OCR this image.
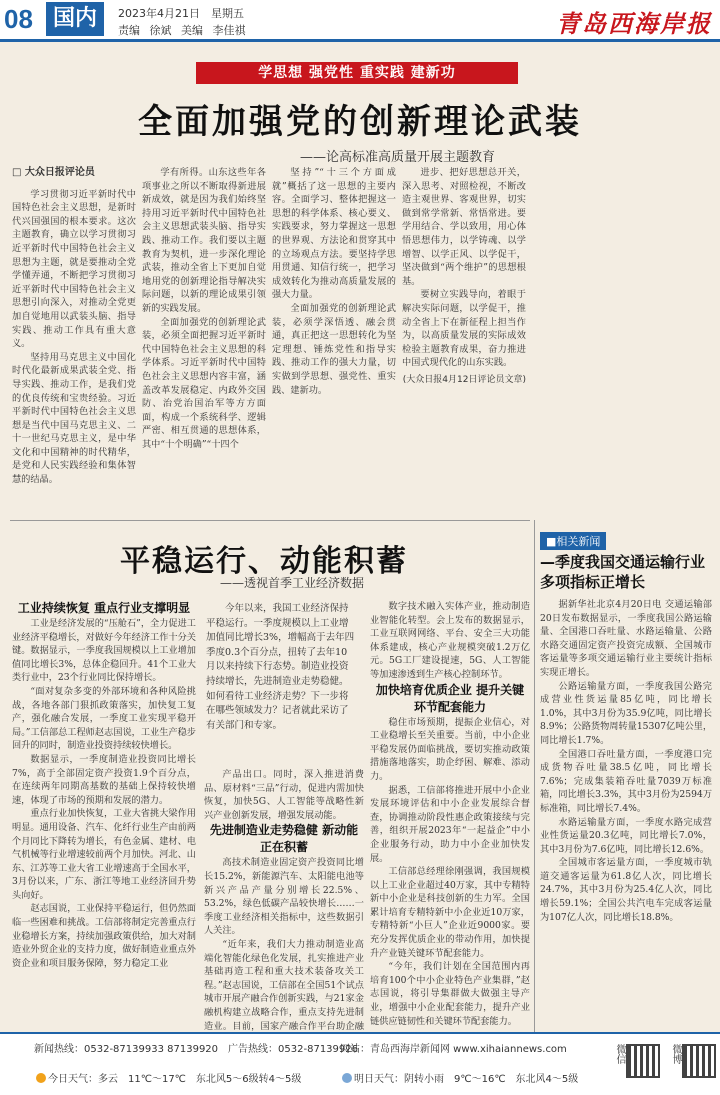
08 国内	2023年4月21日　星期五
责编 徐斌 美编 李佳祺	青岛西海岸报
学思想 强党性 重实践 建新功
全面加强党的创新理论武装
——论高标准高质量开展主题教育

□ 大众日报评论员

学习贯彻习近平新时代中国特色社会主义思想，是新时代兴国强国的根本要求。这次主题教育，确立以学习贯彻习近平新时代中国特色社会主义思想为主题，就是要推动全党学懂弄通，不断把学习贯彻习近平新时代中国特色社会主义思想引向深入，对推动全党更加自觉地用以武装头脑、指导实践、推动工作具有重大意义。

坚持用马克思主义中国化时代化最新成果武装全党、指导实践、推动工作，是我们党的优良传统和宝贵经验。习近平新时代中国特色社会主义思想是当代中国马克思主义、二十一世纪马克思主义，是中华文化和中国精神的时代精华，是党和人民实践经验和集体智慧的结晶。

学有所得。山东这些年各项事业之所以不断取得新进展新成效，就是因为我们始终坚持用习近平新时代中国特色社会主义思想武装头脑、指导实践、推动工作。我们要以主题教育为契机，进一步深化理论武装，推动全省上下更加自觉地用党的创新理论指导解决实际问题，以新的理论成果引领新的实践发展。

全面加强党的创新理论武装，必须全面把握习近平新时代中国特色社会主义思想的科学体系。习近平新时代中国特色社会主义思想内容丰富，涵盖改革发展稳定、内政外交国防、治党治国治军等方方面面，构成一个系统科学、逻辑严密、相互贯通的思想体系，其中“十个明确”“十四个

坚持”“十三个方面成就”概括了这一思想的主要内容。全面学习、整体把握这一思想的科学体系、核心要义、实践要求，努力掌握这一思想的世界观、方法论和贯穿其中的立场观点方法。要坚持学思用贯通、知信行统一，把学习成效转化为推动高质量发展的强大力量。

全面加强党的创新理论武装，必须学深悟透、融会贯通，真正把这一思想转化为坚定理想、锤炼党性和指导实践、推动工作的强大力量，切实做到学思想、强党性、重实践、建新功。

进步、把好思想总开关，深入思考、对照检视，不断改造主观世界、客观世界，切实做到常学常新、常悟常进。要学用结合、学以致用，用心体悟思想伟力，以学铸魂、以学增智、以学正风、以学促干，坚决做到“两个维护”的思想根基。

要树立实践导向，着眼于解决实际问题，以学促干，推动全省上下在新征程上担当作为，以高质量发展的实际成效检验主题教育成果，奋力推进中国式现代化的山东实践。

(大众日报4月12日评论员文章)

平稳运行、动能积蓄
——透视首季工业经济数据

工业持续恢复 重点行业支撑明显

工业是经济发展的“压舱石”，全力促进工业经济平稳增长，对做好今年经济工作十分关键。数据显示，一季度我国规模以上工业增加值同比增长3%，总体企稳回升。41个工业大类行业中，23个行业同比保持增长。

“面对复杂多变的外部环境和各种风险挑战，各地各部门狠抓政策落实，加快复工复产，强化融合发展，一季度工业实现平稳开局。”工信部总工程师赵志国说，工业生产稳步回升的同时，制造业投资持续较快增长。

数据显示，一季度制造业投资同比增长7%，高于全部固定资产投资1.9个百分点，在连续两年同期高基数的基础上保持较快增速，体现了市场的预期和发展的潜力。

重点行业加快恢复，工业大省挑大梁作用明显。通用设备、汽车、化纤行业生产由前两个月同比下降转为增长，有色金属、建材、电气机械等行业增速较前两个月加快。河北、山东、江苏等工业大省工业增速高于全国水平，3月份以来，广东、浙江等地工业经济回升势头向好。

赵志国说，工业保持平稳运行，但仍然面临一些困难和挑战。工信部将制定完善重点行业稳增长方案，持续加强政策供给，加大对制造业外贸企业的支持力度，做好制造业重点外资企业和项目服务保障，努力稳定工业

今年以来，我国工业经济保持平稳运行。一季度规模以上工业增加值同比增长3%，增幅高于去年四季度0.3个百分点，扭转了去年10月以来持续下行态势。制造业投资持续增长，先进制造业走势稳健。如何看待工业经济走势？下一步将在哪些领域发力？记者就此采访了有关部门和专家。

产品出口。同时，深入推进消费品、原材料“三品”行动，促进内需加快恢复，加快5G、人工智能等战略性新兴产业创新发展，增强发展动能。

先进制造业走势稳健 新动能正在积蓄

高技术制造业固定资产投资同比增长15.2%，新能源汽车、太阳能电池等新兴产品产量分别增长22.5%、53.2%，绿色低碳产品较快增长……一季度工业经济相关指标中，这些数据引人关注。

“近年来，我们大力推动制造业高端化智能化绿色化发展，扎实推进产业基础再造工程和重大技术装备攻关工程。”赵志国说，工信部在全国51个试点城市开展产融合作创新实践，与21家金融机构建立战略合作，重点支持先进制造业。目前，国家产融合作平台助企融

数字技术融入实体产业，推动制造业智能化转型。会上发布的数据显示，工业互联网网络、平台、安全三大功能体系建成，核心产业规模突破1.2万亿元。5G工厂建设提速，5G、人工智能等加速渗透到生产核心控制环节。

加快培育优质企业 提升关键环节配套能力

稳住市场预期，提振企业信心，对工业稳增长至关重要。当前，中小企业平稳发展仍面临挑战，要切实推动政策措施落地落实，助企纾困、解难、添动力。

据悉，工信部将推进开展中小企业发展环境评估和中小企业发展综合督查，协调推动阶段性惠企政策接续与完善，组织开展2023年“一起益企”中小企业服务行动，助力中小企业加快发展。

工信部总经理徐刚强调，我国规模以上工业企业超过40万家，其中专精特新中小企业是科技创新的生力军。全国累计培育专精特新中小企业近10万家，专精特新“小巨人”企业近9000家。要充分发挥优质企业的带动作用，加快提升产业链关键环节配套能力。

“今年，我们计划在全国范围内再培育100个中小企业特色产业集群，”赵志国说，将引导集群做大做强主导产业，增强中小企业配套能力，提升产业链供应链韧性和关键环节配套能力。

■相关新闻
—季度我国交通运输行业多项指标正增长

据新华社北京4月20日电 交通运输部20日发布数据显示，一季度我国公路运输量、全国港口吞吐量、水路运输量、公路水路交通固定资产投资完成额、全国城市客运量等多项交通运输行业主要统计指标实现正增长。

公路运输量方面，一季度我国公路完成营业性货运量85亿吨，同比增长1.0%，其中3月份为35.9亿吨，同比增长8.9%；公路货物周转量15307亿吨公里，同比增长1.7%。

全国港口吞吐量方面，一季度港口完成货物吞吐量38.5亿吨，同比增长7.6%；完成集装箱吞吐量7039万标准箱，同比增长3.3%，其中3月份为2594万标准箱，同比增长7.4%。

水路运输量方面，一季度水路完成营业性货运量20.3亿吨，同比增长7.0%，其中3月份为7.6亿吨，同比增长12.6%。

全国城市客运量方面，一季度城市轨道交通客运量为61.8亿人次，同比增长24.7%，其中3月份为25.4亿人次，同比增长59.1%；全国公共汽电车完成客运量为107亿人次，同比增长18.8%。

新闻热线：0532-87139933 87139920　广告热线：0532-87139926
网站：青岛西海岸新闻网 www.xihaiannews.com
今日天气：多云　11℃～17℃　东北风5～6级转4～5级	明日天气：阴转小雨　9℃～16℃　东北风4～5级
微信	微博
